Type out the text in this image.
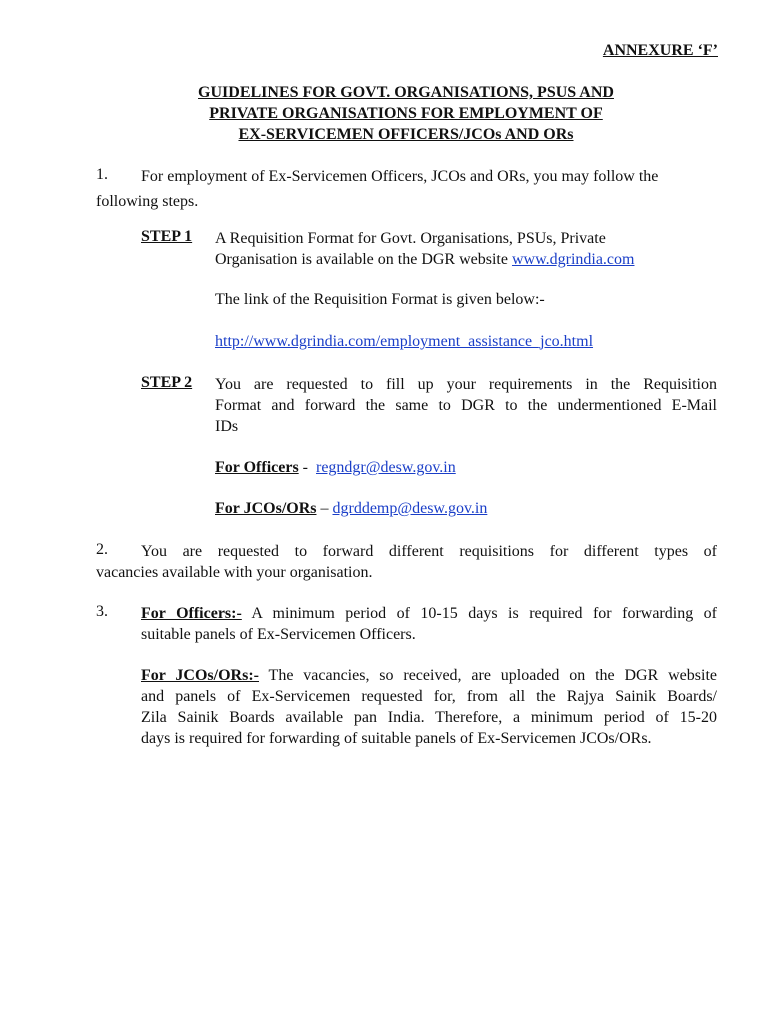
ANNEXURE ‘F’
GUIDELINES FOR GOVT. ORGANISATIONS, PSUS AND
PRIVATE ORGANISATIONS FOR EMPLOYMENT OF
EX-SERVICEMEN OFFICERS/JCOs AND ORs
1.	For employment of Ex-Servicemen Officers, JCOs and ORs, you may follow the
following steps.
STEP 1 A Requisition Format for Govt. Organisations, PSUs, Private
Organisation is available on the DGR website www.dgrindia.com
The link of the Requisition Format is given below:-
http://www.dgrindia.com/employment_assistance_jco.html
STEP 2 You are requested to fill up your requirements in the Requisition
Format and forward the same to DGR to the undermentioned E-Mail
IDs
For Officers -  regndgr@desw.gov.in
For JCOs/ORs – dgrddemp@desw.gov.in
2.	You are requested to forward different requisitions for different types of
vacancies available with your organisation.
3. For Officers:- A minimum period of 10-15 days is required for forwarding of
suitable panels of Ex-Servicemen Officers.
For JCOs/ORs:- The vacancies, so received, are uploaded on the DGR website
and panels of Ex-Servicemen requested for, from all the Rajya Sainik Boards/
Zila Sainik Boards available pan India. Therefore, a minimum period of 15-20
days is required for forwarding of suitable panels of Ex-Servicemen JCOs/ORs.
